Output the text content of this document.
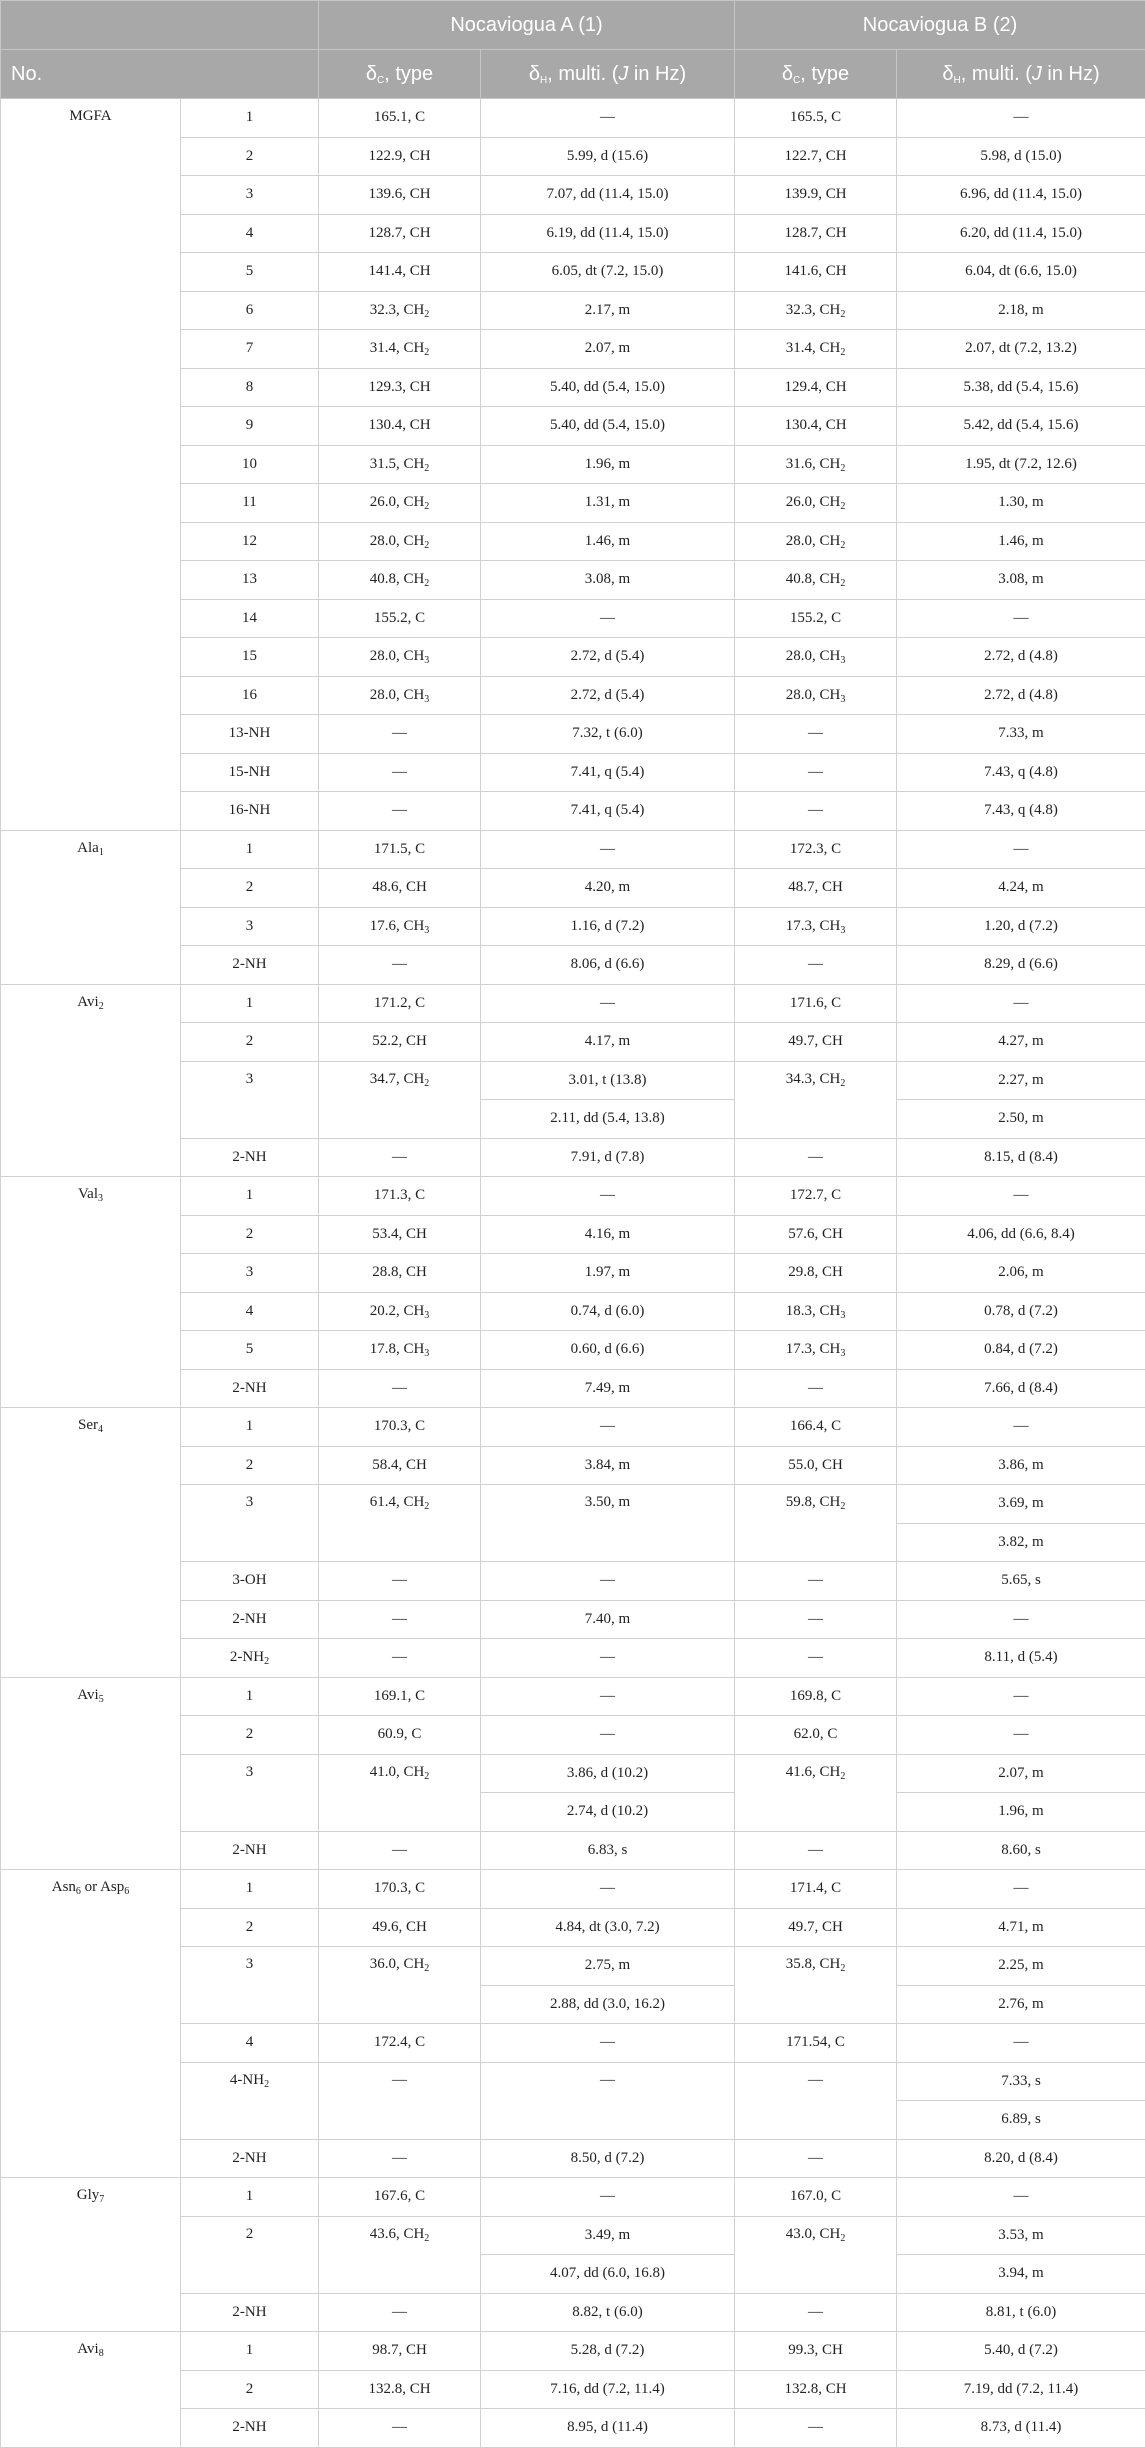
		Nocaviogua A (1)		Nocaviogua B (2)	
No.		$\delta_C$, type	$\delta_H$, multi. (J in Hz)	$\delta_C$, type	$\delta_H$, multi. (J in Hz)
MGFA	1	165.1, C	—	165.5, C	—
	2	122.9, CH	5.99, d (15.6)	122.7, CH	5.98, d (15.0)
	3	139.6, CH	7.07, dd (11.4, 15.0)	139.9, CH	6.96, dd (11.4, 15.0)
	4	128.7, CH	6.19, dd (11.4, 15.0)	128.7, CH	6.20, dd (11.4, 15.0)
	5	141.4, CH	6.05, dt (7.2, 15.0)	141.6, CH	6.04, dt (6.6, 15.0)
	6	32.3, $CH_2$	2.17, m	32.3, $CH_2$	2.18, m
	7	31.4, $CH_2$	2.07, m	31.4, $CH_2$	2.07, dt (7.2, 13.2)
	8	129.3, CH	5.40, dd (5.4, 15.0)	129.4, CH	5.38, dd (5.4, 15.6)
	9	130.4, CH	5.40, dd (5.4, 15.0)	130.4, CH	5.42, dd (5.4, 15.6)
	10	31.5, $CH_2$	1.96, m	31.6, $CH_2$	1.95, dt (7.2, 12.6)
	11	26.0, $CH_2$	1.31, m	26.0, $CH_2$	1.30, m
	12	28.0, $CH_2$	1.46, m	28.0, $CH_2$	1.46, m
	13	40.8, $CH_2$	3.08, m	40.8, $CH_2$	3.08, m
	14	155.2, C	—	155.2, C	—
	15	28.0, $CH_3$	2.72, d (5.4)	28.0, $CH_3$	2.72, d (4.8)
	16	28.0, $CH_3$	2.72, d (5.4)	28.0, $CH_3$	2.72, d (4.8)
	13-NH	—	7.32, t (6.0)	—	7.33, m
	15-NH	—	7.41, q (5.4)	—	7.43, q (4.8)
	16-NH	—	7.41, q (5.4)	—	7.43, q (4.8)
Ala$_1$	1	171.5, C	—	172.3, C	—
	2	48.6, CH	4.20, m	48.7, CH	4.24, m
	3	17.6, $CH_3$	1.16, d (7.2)	17.3, $CH_3$	1.20, d (7.2)
	2-NH	—	8.06, d (6.6)	—	8.29, d (6.6)
Avi$_2$	1	171.2, C	—	171.6, C	—
	2	52.2, CH	4.17, m	49.7, CH	4.27, m
	3	34.7, $CH_2$	3.01, t (13.8)	34.3, $CH_2$	2.27, m
			2.11, dd (5.4, 13.8)		2.50, m
	2-NH	—	7.91, d (7.8)	—	8.15, d (8.4)
Val$_3$	1	171.3, C	—	172.7, C	—
	2	53.4, CH	4.16, m	57.6, CH	4.06, dd (6.6, 8.4)
	3	28.8, CH	1.97, m	29.8, CH	2.06, m
	4	20.2, $CH_3$	0.74, d (6.0)	18.3, $CH_3$	0.78, d (7.2)
	5	17.8, $CH_3$	0.60, d (6.6)	17.3, $CH_3$	0.84, d (7.2)
	2-NH	—	7.49, m	—	7.66, d (8.4)
Ser$_4$	1	170.3, C	—	166.4, C	—
	2	58.4, CH	3.84, m	55.0, CH	3.86, m
	3	61.4, $CH_2$	3.50, m	59.8, $CH_2$	3.69, m
					3.82, m
	3-OH	—	—	—	5.65, s
	2-NH	—	7.40, m	—	—
	$2-NH_2$	—	—	—	8.11, d (5.4)
Avi$_5$	1	169.1, C	—	169.8, C	—
	2	60.9, C	—	62.0, C	—
	3	41.0, $CH_2$	3.86, d (10.2)	41.6, $CH_2$	2.07, m
			2.74, d (10.2)		1.96, m
	2-NH	—	6.83, s	—	8.60, s
Asn$_6$ or Asp$_6$	1	170.3, C	—	171.4, C	—
	2	49.6, CH	4.84, dt (3.0, 7.2)	49.7, CH	4.71, m
	3	36.0, $CH_2$	2.75, m	35.8, $CH_2$	2.25, m
			2.88, dd (3.0, 16.2)		2.76, m
	4	172.4, C	—	171.54, C	—
	$4-NH_2$	—	—	—	7.33, s
					6.89, s
	2-NH	—	8.50, d (7.2)	—	8.20, d (8.4)
Gly$_7$	1	167.6, C	—	167.0, C	—
	2	43.6, $CH_2$	3.49, m	43.0, $CH_2$	3.53, m
			4.07, dd (6.0, 16.8)		3.94, m
	2-NH	—	8.82, t (6.0)	—	8.81, t (6.0)
Avi$_8$	1	98.7, CH	5.28, d (7.2)	99.3, CH	5.40, d (7.2)
	2	132.8, CH	7.16, dd (7.2, 11.4)	132.8, CH	7.19, dd (7.2, 11.4)
	2-NH	—	8.95, d (11.4)	—	8.73, d (11.4)
